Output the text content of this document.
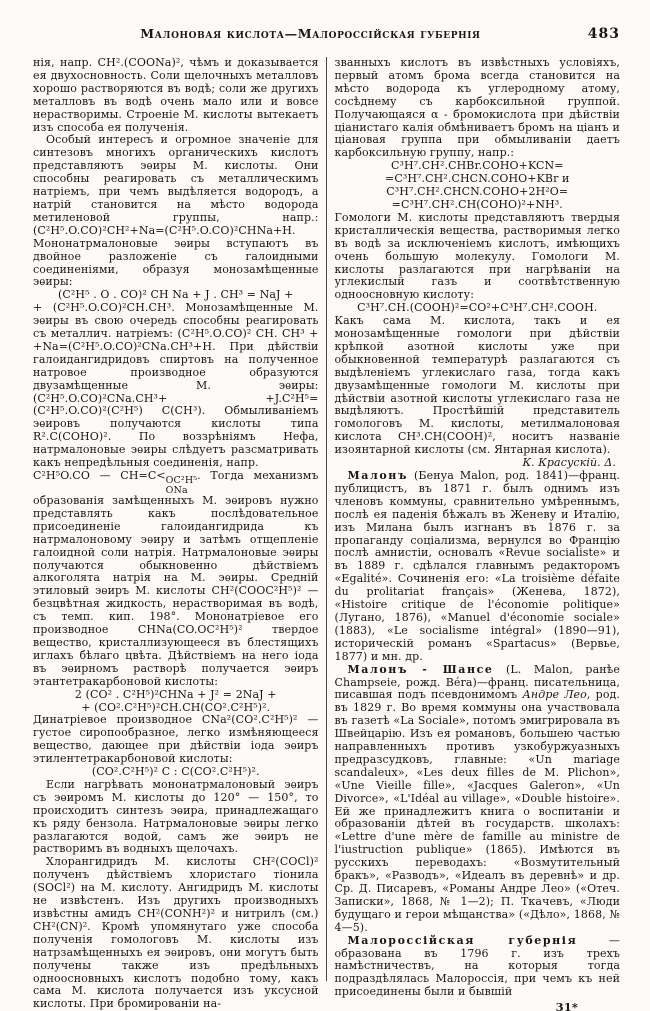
Малоновая кислота—Малороссійская губернія	483

нія, напр. CH².(COONa)², чѣмъ и доказывается ея двухосновность. Соли щелочныхъ металловъ хорошо растворяются въ водѣ; соли же другихъ металловъ въ водѣ очень мало или и вовсе нерастворимы. Строеніе М. кислоты вытекаетъ изъ способа ея полученія.

Особый интересъ и огромное значеніе для синтезовъ многихъ органическихъ кислотъ представляютъ эѳиры М. кислоты. Они способны реагировать съ металлическимъ натріемъ, при чемъ выдѣляется водородъ, а натрій становится на мѣсто водорода метиленовой группы, напр.: (C²H⁵.O.CO)²CH²+Na=(C²H⁵.O.CO)²CHNa+H. Мононатрмалоновые эѳиры вступаютъ въ двойное разложеніе съ галоидными соединеніями, образуя монозамѣщенные эѳиры:

(C²H⁵ . O . CO)² CH Na + J . CH³ = NaJ +

+ (C²H⁵.O.CO)²CH.CH³. Монозамѣщенные М. эѳиры въ свою очередь способны реагировать съ металлич. натріемъ: (C²H⁵.O.CO)² CH. CH³ + +Na=(C²H⁵.O.CO)²CNa.CH³+H. При дѣйствіи галоидангидридовъ спиртовъ на полученное натровое производное образуются двузамѣщенные М. эѳиры: (C²H⁵.O.CO)²CNa.CH³+ +J.C²H⁵=(C²H⁵.O.CO)²(C²H⁵) C(CH³). Обмыливаніемъ эѳировъ получаются кислоты типа R².C(COHO)². По воззрѣніямъ Нефа, натрмалоновые эѳиры слѣдуетъ разсматривать какъ непредѣльныя соединенія, напр.

C²H⁵O.CO — CH=C< OC²H⁵
ONa
. Тогда механизмъ образованія замѣщенныхъ М. эѳировъ нужно представлять какъ послѣдовательное присоединеніе галоидангидрида къ натрмалоновому эѳиру и затѣмъ отщепленіе галоидной соли натрія. Натрмалоновые эѳиры получаются обыкновенно дѣйствіемъ алкоголята натрія на М. эѳиры. Средній этиловый эѳиръ М. кислоты CH²(COOC²H⁵)² — безцвѣтная жидкость, нерастворимая въ водѣ, съ темп. кип. 198°. Мононатріевое его производное CHNa(CO.OC²H⁵)² твердое вещество, кристаллизующееся въ блестящихъ иглахъ бѣлаго цвѣта. Дѣйствіемъ на него іода въ эѳирномъ растворѣ получается эѳиръ этантетракарбоновой кислоты:

2 (CO² . C²H⁵)²CHNa + J² = 2NaJ +

+ (CO².C²H⁵)²CH.CH(CO².C²H⁵)².

Динатріевое производное CNa²(CO².C²H⁵)² — густое сиропообразное, легко измѣняющееся вещество, дающее при дѣйствіи іода эѳиръ этилентетракарбоновой кислоты:

(CO².C²H⁵)² C : C(CO².C²H⁵)².

Если нагрѣвать мононатрмалоновый эѳиръ съ эѳиромъ М. кислоты до 120° — 150°, то происходитъ синтезъ эѳира, принадлежащаго къ ряду бензола. Натрмалоновые эѳиры легко разлагаются водой, самъ же эѳиръ не растворимъ въ водныхъ щелочахъ.

Хлорангидридъ М. кислоты CH²(COCl)² полученъ дѣйствіемъ хлористаго тіонила (SOCl²) на М. кислоту. Ангидридъ М. кислоты не извѣстенъ. Изъ другихъ производныхъ извѣстны амидъ CH²(CONH²)² и нитрилъ (см.) CH²(CN)². Кромѣ упомянутаго уже способа полученія гомологовъ М. кислоты изъ натрзамѣщенныхъ ея эѳировъ, они могутъ быть получены также изъ предѣльныхъ одноосновныхъ кислотъ подобно тому, какъ сама М. кислота получается изъ уксусной кислоты. При бромированіи на-

званныхъ кислотъ въ извѣстныхъ условіяхъ, первый атомъ брома всегда становится на мѣсто водорода къ углеродному атому, сосѣднему съ карбоксильной группой. Получающаяся α - бромокислота при дѣйствіи ціанистаго калія обмѣниваетъ бромъ на ціанъ и ціановая группа при обмыливаніи даетъ карбоксильную группу, напр.:

C³H⁷.CH².CHBr.COHO+KCN=

=C³H⁷.CH².CHCN.COHO+KBr и

C³H⁷.CH².CHCN.COHO+2H²O=

=C³H⁷.CH².CH(COHO)²+NH³.

Гомологи М. кислоты представляютъ твердыя кристаллическія вещества, растворимыя легко въ водѣ за исключеніемъ кислотъ, имѣющихъ очень большую молекулу. Гомологи М. кислоты разлагаются при нагрѣваніи на углекислый газъ и соотвѣтственную одноосновную кислоту:

C³H⁷.CH.(COOH)²=CO²+C³H⁷.CH².COOH.

Какъ сама М. кислота, такъ и ея монозамѣщенные гомологи при дѣйствіи крѣпкой азотной кислоты уже при обыкновенной температурѣ разлагаются съ выдѣленіемъ углекислаго газа, тогда какъ двузамѣщенные гомологи М. кислоты при дѣйствіи азотной кислоты углекислаго газа не выдѣляютъ. Простѣйшій представитель гомологовъ М. кислоты, метилмалоновая кислота CH³.CH(COOH)², носитъ названіе изоянтарной кислоты (см. Янтарная кислота).

К. Красускій. Δ.

Малонъ (Бенуа Malon, род. 1841)—франц. публицистъ, въ 1871 г. былъ однимъ изъ членовъ коммуны, сравнительно умѣреннымъ, послѣ ея паденія бѣжалъ въ Женеву и Италію, изъ Милана былъ изгнанъ въ 1876 г. за пропаганду соціализма, вернулся во Францію послѣ амнистіи, основалъ «Revue socialiste» и въ 1889 г. сдѣлался главнымъ редакторомъ «Egalité». Сочиненія его: «La troisième défaite du prolitariat français» (Женева, 1872), «Histoire critique de l'économie politique» (Лугано, 1876), «Manuel d'économie sociale» (1883), «Le socialisme intégral» (1890—91), историческій романъ «Spartacus» (Вервье, 1877) и мн. др.

Малонъ - Шансе (L. Malon, ранѣе Champseie, рожд. Béra)—франц. писательница, писавшая подъ псевдонимомъ Андре Лео, род. въ 1829 г. Во время коммуны она участвовала въ газетѣ «La Sociale», потомъ эмигрировала въ Швейцарію. Изъ ея романовъ, большею частью направленныхъ противъ узкобуржуазныхъ предразсудковъ, главные: «Un mariage scandaleux», «Les deux filles de M. Plichon», «Une Vieille fille», «Jacques Galeron», «Un Divorce», «L'Idéal au village», «Double histoire». Ей же принадлежитъ книга о воспитаніи и образованіи дѣтей въ государств. школахъ: «Lettre d'une mère de famille au ministre de l'iustruction publique» (1865). Имѣются въ русскихъ переводахъ: «Возмутительный бракъ», «Разводъ», «Идеалъ въ деревнѣ» и др. Ср. Д. Писаревъ, «Романы Андре Лео» («Отеч. Записки», 1868, № 1—2); П. Ткачевъ, «Люди будущаго и герои мѣщанства» («Дѣло», 1868, № 4—5).

Малороссійская губернія — образована въ 1796 г. изъ трехъ намѣстничествъ, на которыя тогда подраздѣлялась Малороссія, при чемъ къ ней присоединены были и бывшій

31*
